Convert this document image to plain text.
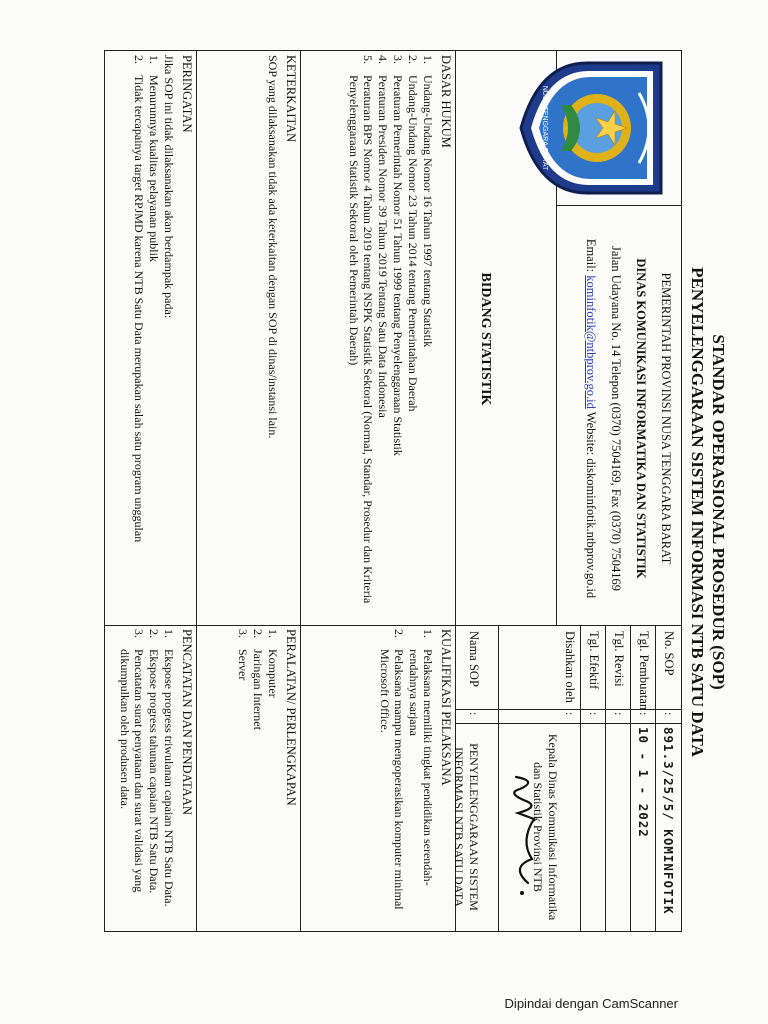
STANDAR OPERASIONAL PROSEDUR (SOP)
PENYELENGGARAAN SISTEM INFORMASI NTB SATU DATA
NUSA TENGGARA BARAT
PEMERINTAH PROVINSI NUSA TENGGARA BARAT
DINAS KOMUNIKASI INFORMATIKA DAN STATISTIK
Jalan Udayana No. 14 Telepon (0370) 7504169, Fax (0370) 7504169
Email: kominfotik@ntbprov.go.id Website: diskominfotik.ntbprov.go.id
No. SOP
Tgl. Pembuatan
Tgl. Revisi
Tgl. Efektif
Disahkan oleh
Nama SOP
:
:
:
:
:
:
891.3/25/5/ KOMINFOTIK
10 - 1 - 2022
Kepala Dinas Komunikasi Informatika dan Statistik Provinsi NTB
PENYELENGGARAAN SISTEM INFORMASI NTB SATU DATA
BIDANG STATISTIK
DASAR HUKUM
1.
Undang-Undang Nomor 16 Tahun 1997 tentang Statistik
2.
Undang-Undang Nomor 23 Tahun 2014 tentang Pemerintahan Daerah
3.
Peraturan Pemerintah Nomor 51 Tahun 1999 tentang Penyelenggaraan Statistik
4.
Peraturan Presiden Nomor 39 Tahun 2019 Tentang Satu Data Indonesia
5.
Peraturan BPS Nomor 4 Tahun 2019 tentang NSPK Statistik Sektoral (Normal, Standar, Prosedur dan Kriteria Penyelenggaraan Statistik Sektoral oleh Pemerintah Daerah)
KUALIFIKASI PELAKSANA
1.
Pelaksana memiliki tingkat pendidikan serendah-rendahnya sarjana
2.
Pelaksana mampu mengoperasikan komputer minimal Microsoft Office.
KETERKAITAN
SOP yang dilaksanakan tidak ada keterkaitan dengan SOP di dinas/instansi lain.
PERALATAN/ PERLENGKAPAN
1.
Komputer
2.
Jaringan Internet
3.
Server
PERINGATAN
Jika SOP ini tidak dilaksanakan akan berdampak pada:
1.
Menurunnya kualitas pelayanan publik
2.
Tidak tercapainya target RPJMD karena NTB Satu Data merupakan salah satu program unggulan
PENCATATAN DAN PENDATAAN
1.
Ekspose progress triwulanan capaian NTB Satu Data.
2.
Ekspose progress tahunan capaian NTB Satu Data.
3.
Pencatatan surat penyataan dan surat validasi yang dikumpulkan oleh produsen data.
Dipindai dengan CamScanner
